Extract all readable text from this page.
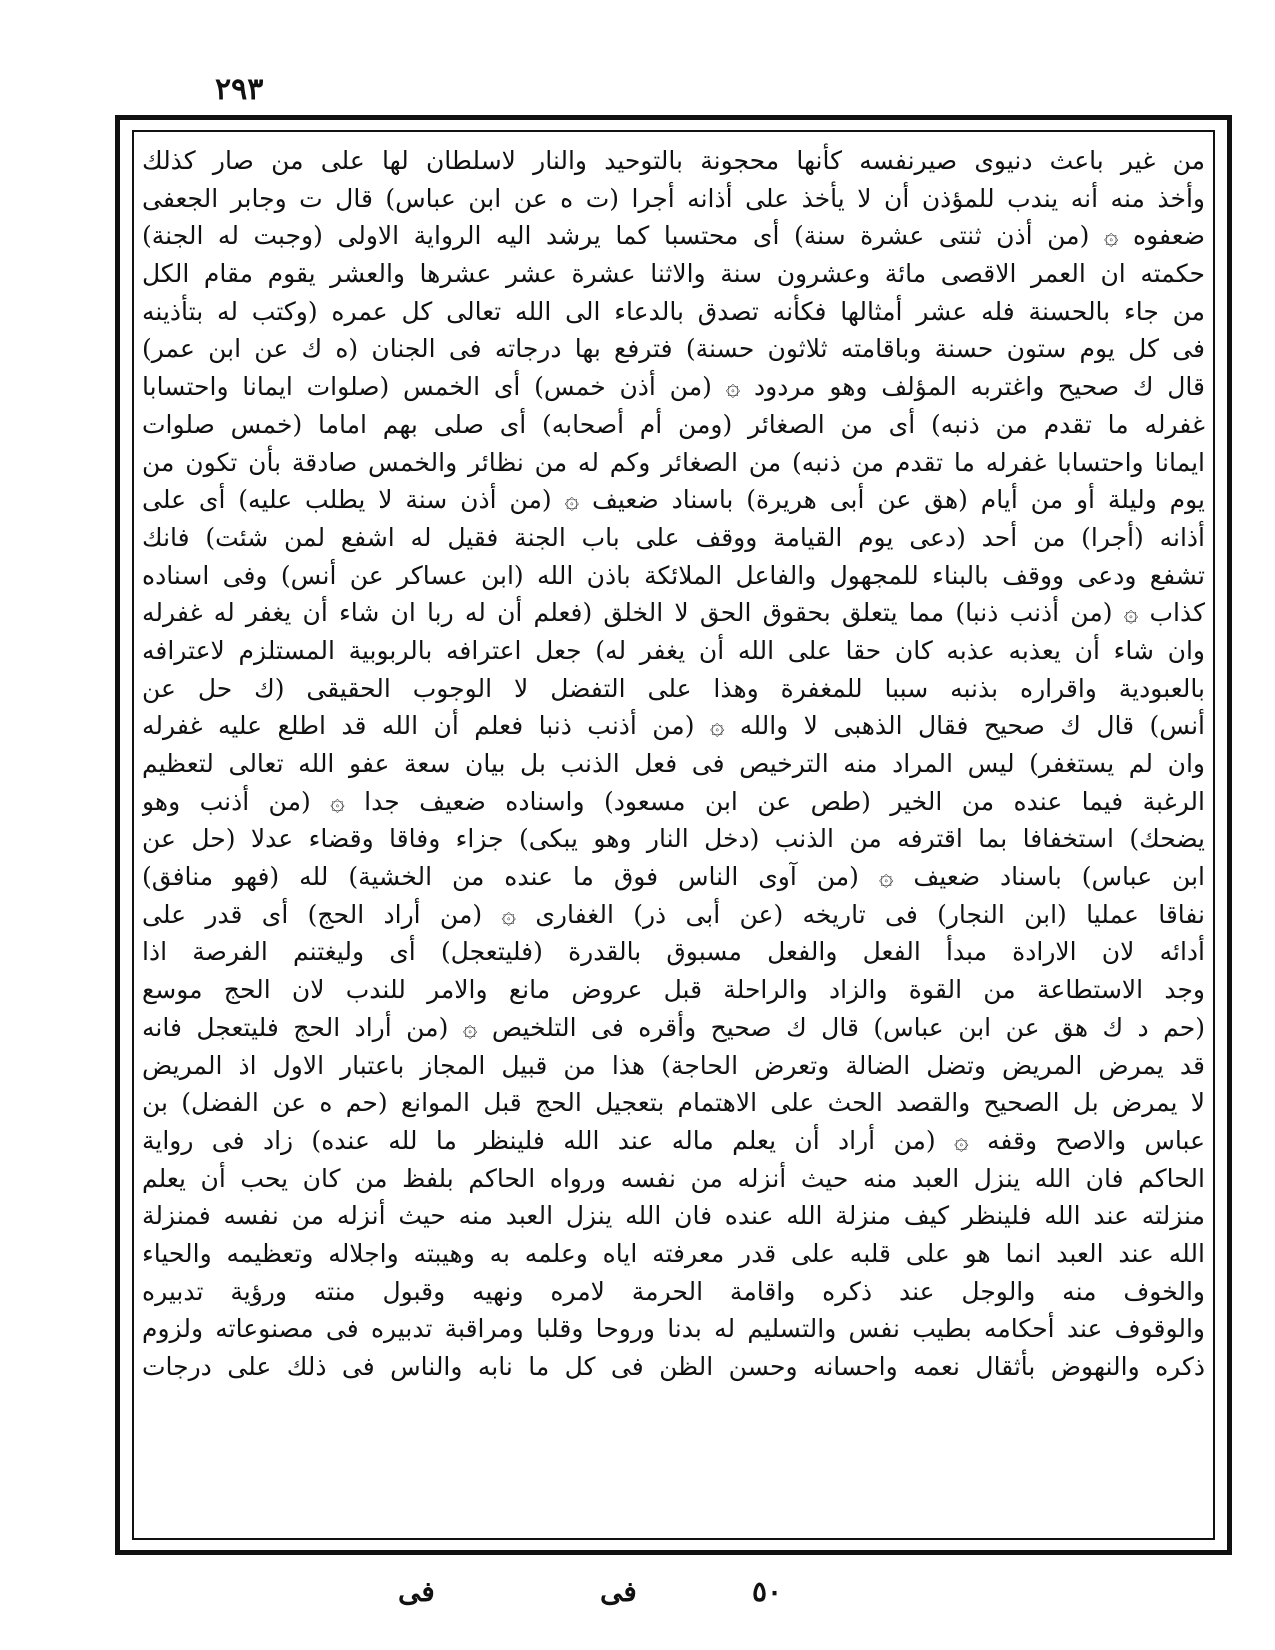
٢٩٣
من غير باعث دنيوى صيرنفسه كأنها محجونة بالتوحيد والنار لاسلطان لها على من صار كذلك
وأخذ منه أنه يندب للمؤذن أن لا يأخذ على أذانه أجرا (ت ه عن ابن عباس) قال ت وجابر الجعفى
ضعفوه ۞ (من أذن ثنتى عشرة سنة) أى محتسبا كما يرشد اليه الرواية الاولى (وجبت له الجنة)
حكمته ان العمر الاقصى مائة وعشرون سنة والاثنا عشرة عشر عشرها والعشر يقوم مقام الكل
من جاء بالحسنة فله عشر أمثالها فكأنه تصدق بالدعاء الى الله تعالى كل عمره (وكتب له بتأذينه
فى كل يوم ستون حسنة وباقامته ثلاثون حسنة) فترفع بها درجاته فى الجنان (ه ك عن ابن عمر)
قال ك صحيح واغتربه المؤلف وهو مردود ۞ (من أذن خمس) أى الخمس (صلوات ايمانا واحتسابا
غفرله ما تقدم من ذنبه) أى من الصغائر (ومن أم أصحابه) أى صلى بهم اماما (خمس صلوات
ايمانا واحتسابا غفرله ما تقدم من ذنبه) من الصغائر وكم له من نظائر والخمس صادقة بأن تكون من
يوم وليلة أو من أيام (هق عن أبى هريرة) باسناد ضعيف ۞ (من أذن سنة لا يطلب عليه) أى على
أذانه (أجرا) من أحد (دعى يوم القيامة ووقف على باب الجنة فقيل له اشفع لمن شئت) فانك
تشفع ودعى ووقف بالبناء للمجهول والفاعل الملائكة باذن الله (ابن عساكر عن أنس) وفى اسناده
كذاب ۞ (من أذنب ذنبا) مما يتعلق بحقوق الحق لا الخلق (فعلم أن له ربا ان شاء أن يغفر له غفرله
وان شاء أن يعذبه عذبه كان حقا على الله أن يغفر له) جعل اعترافه بالربوبية المستلزم لاعترافه
بالعبودية واقراره بذنبه سببا للمغفرة وهذا على التفضل لا الوجوب الحقيقى (ك حل عن
أنس) قال ك صحيح فقال الذهبى لا والله ۞ (من أذنب ذنبا فعلم أن الله قد اطلع عليه غفرله
وان لم يستغفر) ليس المراد منه الترخيص فى فعل الذنب بل بيان سعة عفو الله تعالى لتعظيم
الرغبة فيما عنده من الخير (طص عن ابن مسعود) واسناده ضعيف جدا ۞ (من أذنب وهو
يضحك) استخفافا بما اقترفه من الذنب (دخل النار وهو يبكى) جزاء وفاقا وقضاء عدلا (حل عن
ابن عباس) باسناد ضعيف ۞ (من آوى الناس فوق ما عنده من الخشية) لله (فهو منافق)
نفاقا عمليا (ابن النجار) فى تاريخه (عن أبى ذر) الغفارى ۞ (من أراد الحج) أى قدر على
أدائه لان الارادة مبدأ الفعل والفعل مسبوق بالقدرة (فليتعجل) أى وليغتنم الفرصة اذا
وجد الاستطاعة من القوة والزاد والراحلة قبل عروض مانع والامر للندب لان الحج موسع
(حم د ك هق عن ابن عباس) قال ك صحيح وأقره فى التلخيص ۞ (من أراد الحج فليتعجل فانه
قد يمرض المريض وتضل الضالة وتعرض الحاجة) هذا من قبيل المجاز باعتبار الاول اذ المريض
لا يمرض بل الصحيح والقصد الحث على الاهتمام بتعجيل الحج قبل الموانع (حم ه عن الفضل) بن
عباس والاصح وقفه ۞ (من أراد أن يعلم ماله عند الله فلينظر ما لله عنده) زاد فى رواية
الحاكم فان الله ينزل العبد منه حيث أنزله من نفسه ورواه الحاكم بلفظ من كان يحب أن يعلم
منزلته عند الله فلينظر كيف منزلة الله عنده فان الله ينزل العبد منه حيث أنزله من نفسه فمنزلة
الله عند العبد انما هو على قلبه على قدر معرفته اياه وعلمه به وهيبته واجلاله وتعظيمه والحياء
والخوف منه والوجل عند ذكره واقامة الحرمة لامره ونهيه وقبول منته ورؤية تدبيره
والوقوف عند أحكامه بطيب نفس والتسليم له بدنا وروحا وقلبا ومراقبة تدبيره فى مصنوعاته ولزوم
ذكره والنهوض بأثقال نعمه واحسانه وحسن الظن فى كل ما نابه والناس فى ذلك على درجات
٥٠
فى
فى
